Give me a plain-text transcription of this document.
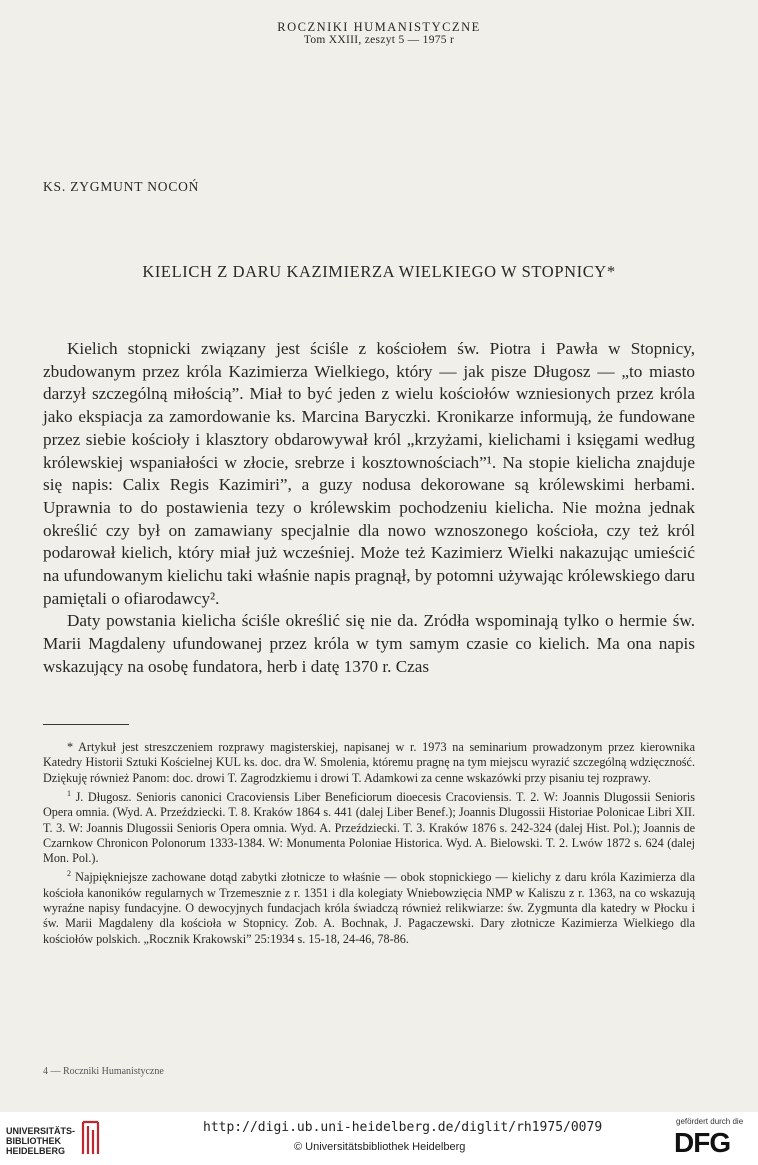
ROCZNIKI HUMANISTYCZNE
Tom XXIII, zeszyt 5 — 1975 r
KS. ZYGMUNT NOCOŃ
KIELICH Z DARU KAZIMIERZA WIELKIEGO W STOPNICY*

Kielich stopnicki związany jest ściśle z kościołem św. Piotra i Pawła w Stopnicy, zbudowanym przez króla Kazimierza Wielkiego, który — jak pisze Długosz — „to miasto darzył szczególną miłością”. Miał to być jeden z wielu kościołów wzniesionych przez króla jako ekspiacja za zamordowanie ks. Marcina Baryczki. Kronikarze informują, że fundowane przez siebie kościoły i klasztory obdarowywał król „krzyżami, kielichami i księgami według królewskiej wspaniałości w złocie, srebrze i kosztownościach”¹. Na stopie kielicha znajduje się napis: Calix Regis Kazimiri”, a guzy nodusa dekorowane są królewskimi herbami. Uprawnia to do postawienia tezy o królewskim pochodzeniu kielicha. Nie można jednak określić czy był on zamawiany specjalnie dla nowo wznoszonego kościoła, czy też król podarował kielich, który miał już wcześniej. Może też Kazimierz Wielki nakazując umieścić na ufundowanym kielichu taki właśnie napis pragnął, by potomni używając królewskiego daru pamiętali o ofiarodawcy².

Daty powstania kielicha ściśle określić się nie da. Zródła wspominają tylko o hermie św. Marii Magdaleny ufundowanej przez króla w tym samym czasie co kielich. Ma ona napis wskazujący na osobę fundatora, herb i datę 1370 r. Czas

* Artykuł jest streszczeniem rozprawy magisterskiej, napisanej w r. 1973 na seminarium prowadzonym przez kierownika Katedry Historii Sztuki Kościelnej KUL ks. doc. dra W. Smolenia, któremu pragnę na tym miejscu wyrazić szczególną wdzięczność. Dziękuję również Panom: doc. drowi T. Zagrodzkiemu i drowi T. Adamkowi za cenne wskazówki przy pisaniu tej rozprawy.

$^1$ J. Długosz. Senioris canonici Cracoviensis Liber Beneficiorum dioecesis Cracoviensis. T. 2. W: Joannis Dlugossii Senioris Opera omnia. (Wyd. A. Przeździecki. T. 8. Kraków 1864 s. 441 (dalej Liber Benef.); Joannis Dlugossii Historiae Polonicae Libri XII. T. 3. W: Joannis Dlugossii Senioris Opera omnia. Wyd. A. Przeździecki. T. 3. Kraków 1876 s. 242-324 (dalej Hist. Pol.); Joannis de Czarnkow Chronicon Polonorum 1333-1384. W: Monumenta Poloniae Historica. Wyd. A. Bielowski. T. 2. Lwów 1872 s. 624 (dalej Mon. Pol.).

$^2$ Najpiękniejsze zachowane dotąd zabytki złotnicze to właśnie — obok stopnickiego — kielichy z daru króla Kazimierza dla kościoła kanoników regularnych w Trzemesznie z r. 1351 i dla kolegiaty Wniebowzięcia NMP w Kaliszu z r. 1363, na co wskazują wyraźne napisy fundacyjne. O dewocyjnych fundacjach króla świadczą również relikwiarze: św. Zygmunta dla katedry w Płocku i św. Marii Magdaleny dla kościoła w Stopnicy. Zob. A. Bochnak, J. Pagaczewski. Dary złotnicze Kazimierza Wielkiego dla kościołów polskich. „Rocznik Krakowski” 25:1934 s. 15-18, 24-46, 78-86.

4 — Roczniki Humanistyczne
UNIVERSITÄTS- BIBLIOTHEK HEIDELBERG
http://digi.ub.uni-heidelberg.de/diglit/rh1975/0079
© Universitätsbibliothek Heidelberg
gefördert durch die
DFG
